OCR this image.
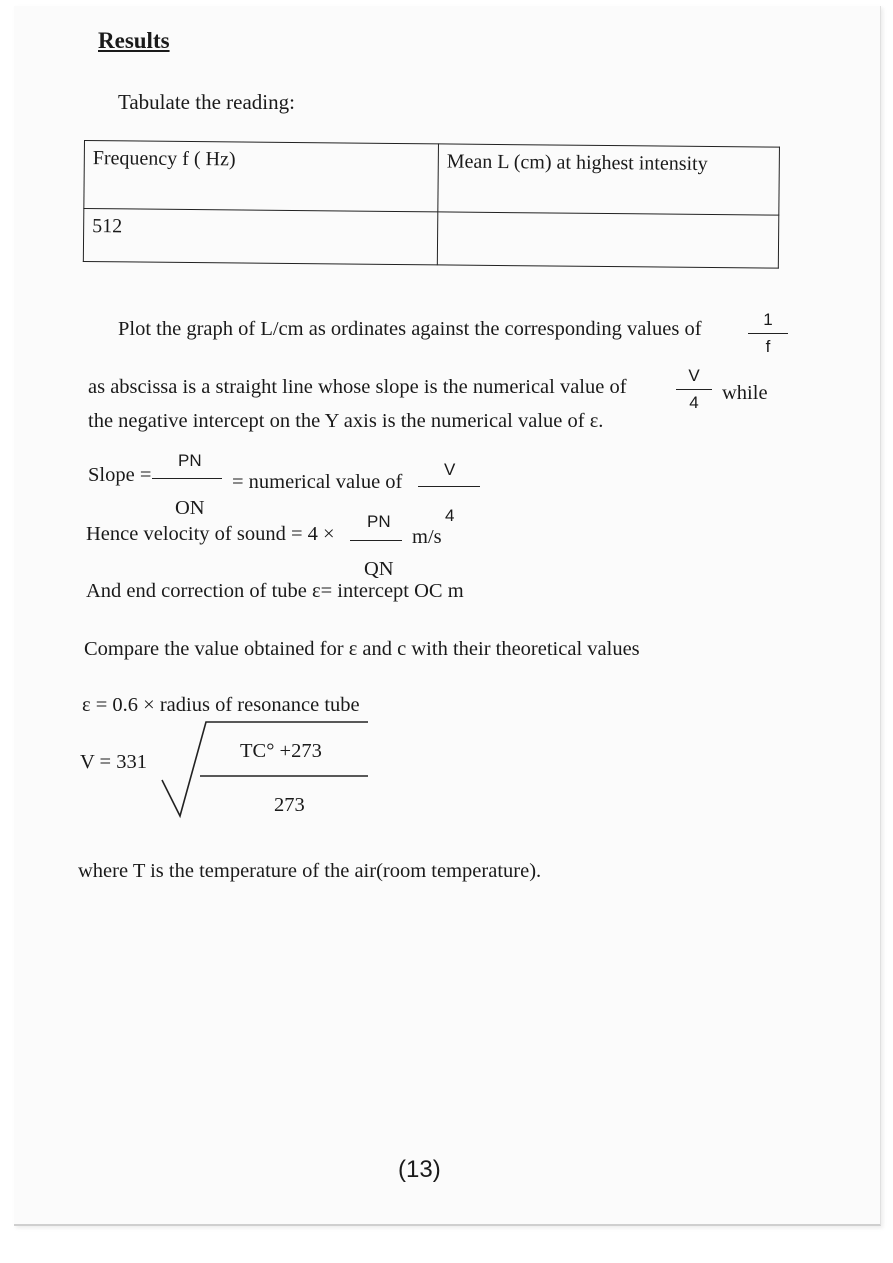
Results
Tabulate the reading:
Frequency f ( Hz)	Mean L (cm) at highest intensity
512	
Plot the graph of L/cm as ordinates against the corresponding values of	1
f
as abscissa is a straight line whose slope is the numerical value of
V
4	while
the negative intercept on the Y axis is the numerical value of ε.
Slope =
PN
ON
= numerical value of
V
4
Hence velocity of sound = 4 ×
PN
m/s
QN
And end correction of tube ε= intercept OC m
Compare the value obtained for ε and c with their theoretical values
ε = 0.6 × radius of resonance tube
V = 331	TC° +273
273
where T is the temperature of the air(room temperature).
(13)
